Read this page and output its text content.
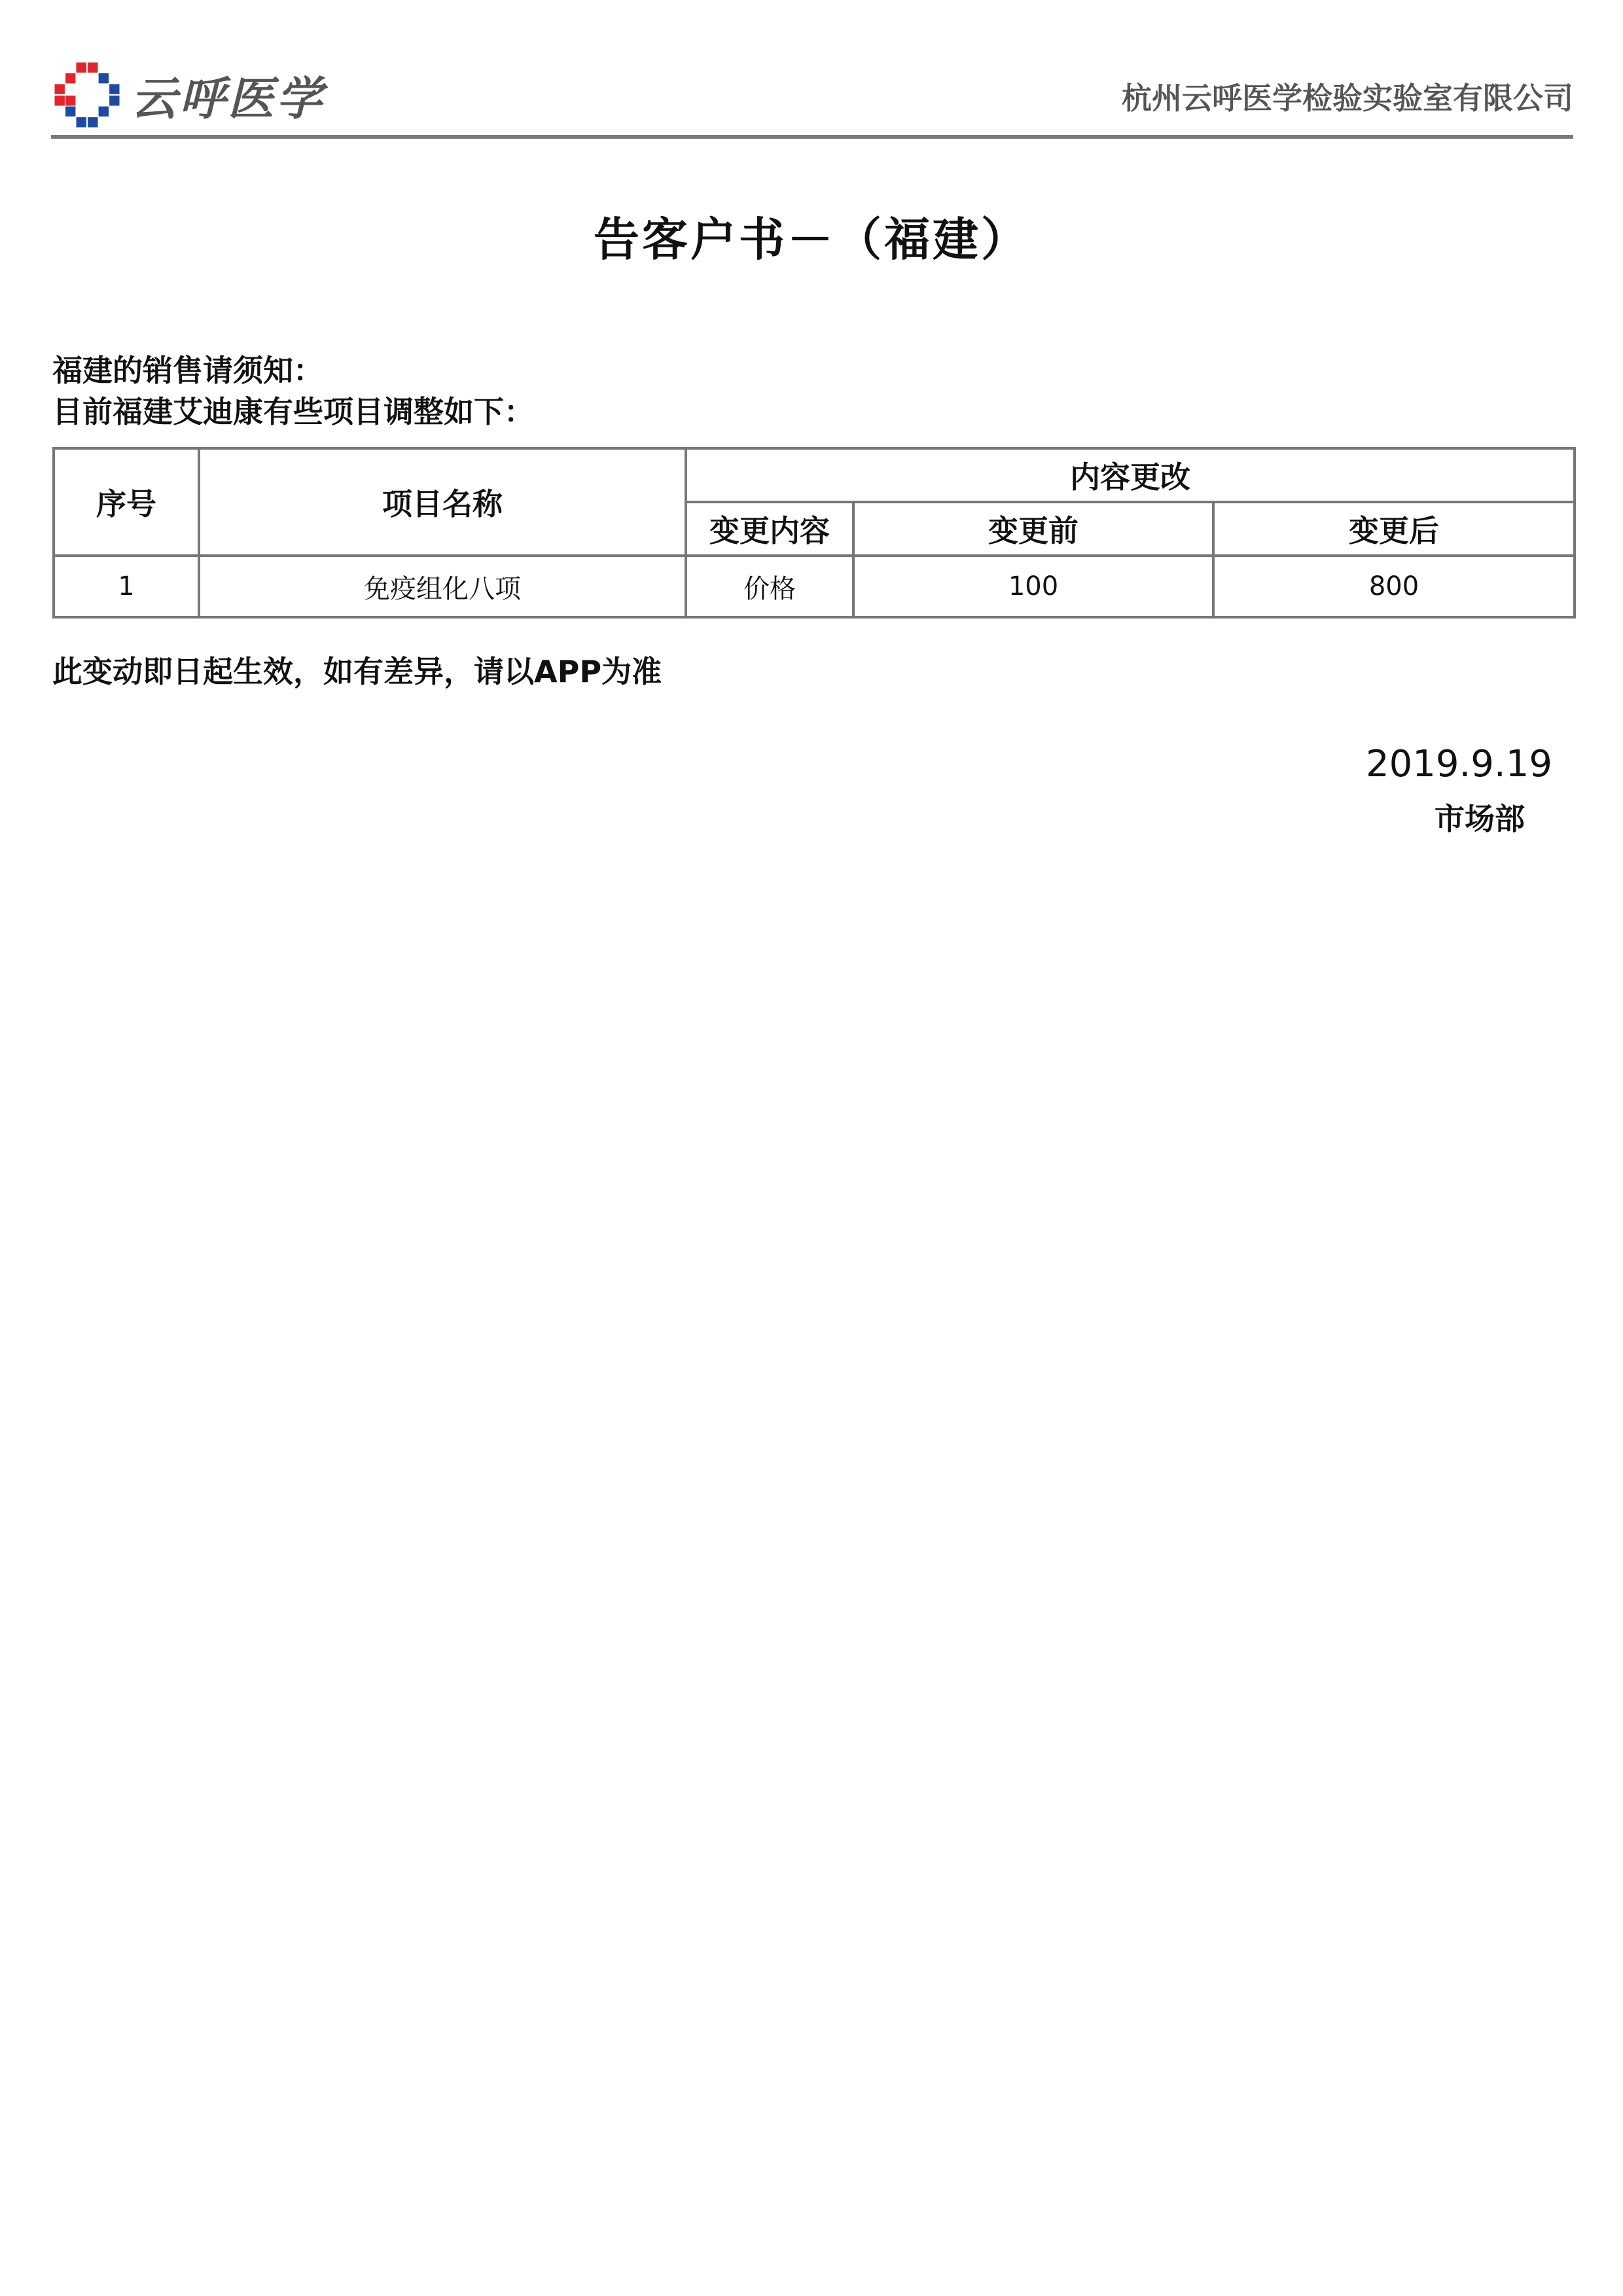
云呼医学	杭州云呼医学检验实验室有限公司
告客户书－（福建）
福建的销售请须知：
目前福建艾迪康有些项目调整如下：
序号	项目名称	内容更改		
		变更内容	变更前	变更后
1	免疫组化八项	价格	100	800
此变动即日起生效，如有差异，请以APP为准
2019.9.19
市场部
